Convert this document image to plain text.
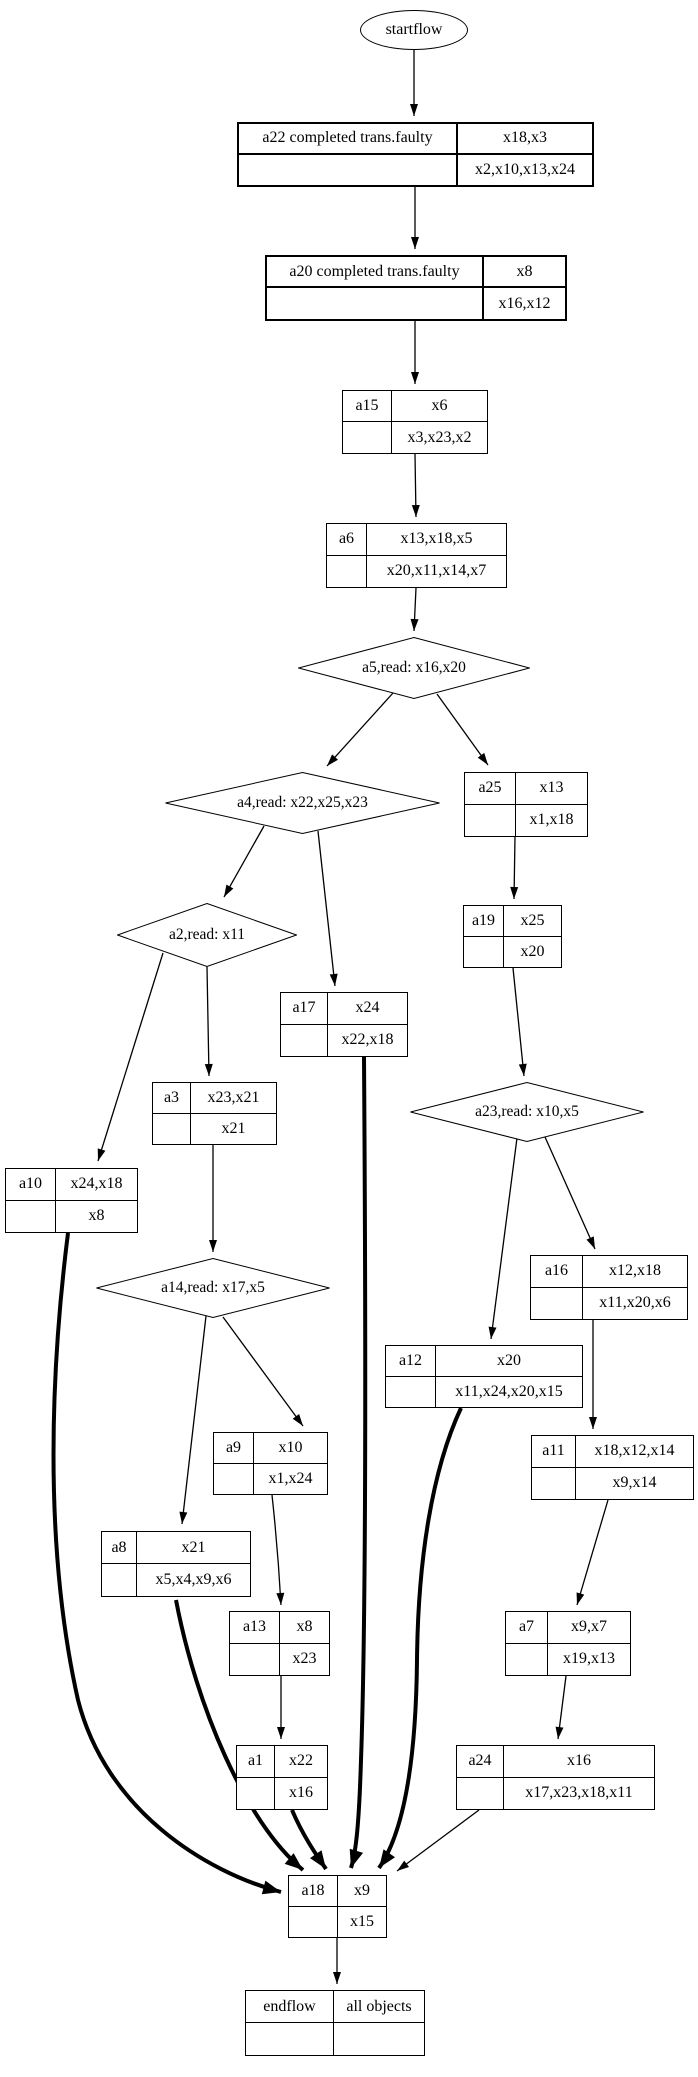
startflow
a22 completed trans.faulty	x18,x3
x2,x10,x13,x24
a20 completed trans.faulty	x8
x16,x12
a15	x6
x3,x23,x2
a6	x13,x18,x5
x20,x11,x14,x7
a5,read: x16,x20
a4,read: x22,x25,x23
a25	x13
x1,x18
a2,read: x11
a19	x25
x20
a17	x24
x22,x18
a3	x23,x21
x21
a10	x24,x18
x8
a23,read: x10,x5
a14,read: x17,x5
a16	x12,x18
x11,x20,x6
a12	x20
x11,x24,x20,x15
a9	x10
x1,x24
a11	x18,x12,x14
x9,x14
a8	x21
x5,x4,x9,x6
a13	x8
x23
a7	x9,x7
x19,x13
a1	x22
x16
a24	x16
x17,x23,x18,x11
a18	x9
x15
endflow	all objects
